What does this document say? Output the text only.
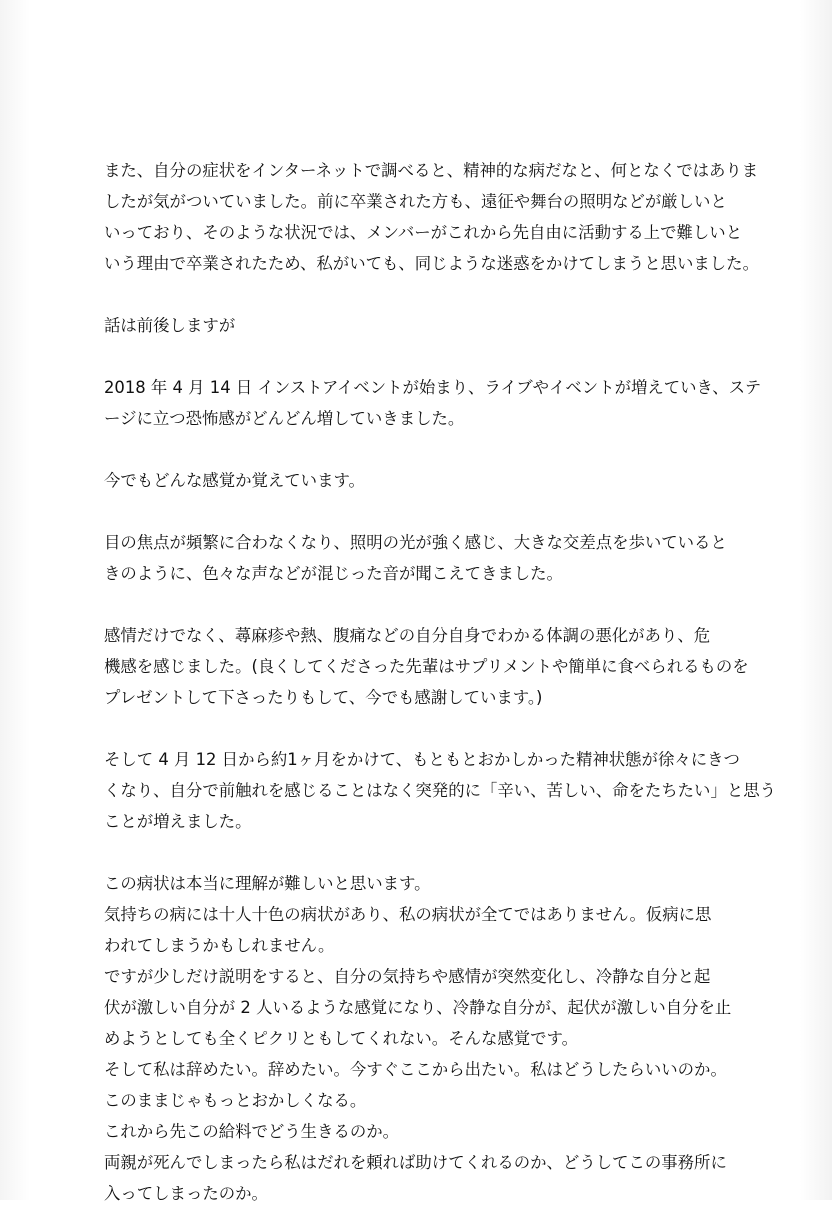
また、自分の症状をインターネットで調べると、精神的な病だなと、何となくではありま
したが気がついていました。前に卒業された方も、遠征や舞台の照明などが厳しいと
いっており、そのような状況では、メンバーがこれから先自由に活動する上で難しいと
いう理由で卒業されたため、私がいても、同じような迷惑をかけてしまうと思いました。

話は前後しますが

2018 年 4 月 14 日 インストアイベントが始まり、ライブやイベントが増えていき、ステ
ージに立つ恐怖感がどんどん増していきました。

今でもどんな感覚か覚えています。

目の焦点が頻繁に合わなくなり、照明の光が強く感じ、大きな交差点を歩いていると
きのように、色々な声などが混じった音が聞こえてきました。

感情だけでなく、蕁麻疹や熱、腹痛などの自分自身でわかる体調の悪化があり、危
機感を感じました。(良くしてくださった先輩はサプリメントや簡単に食べられるものを
プレゼントして下さったりもして、今でも感謝しています。)

そして 4 月 12 日から約1ヶ月をかけて、もともとおかしかった精神状態が徐々にきつ
くなり、自分で前触れを感じることはなく突発的に「辛い、苦しい、命をたちたい」と思う
ことが増えました。

この病状は本当に理解が難しいと思います。
気持ちの病には十人十色の病状があり、私の病状が全てではありません。仮病に思
われてしまうかもしれません。
ですが少しだけ説明をすると、自分の気持ちや感情が突然変化し、冷静な自分と起
伏が激しい自分が 2 人いるような感覚になり、冷静な自分が、起伏が激しい自分を止
めようとしても全くピクリともしてくれない。そんな感覚です。
そして私は辞めたい。辞めたい。今すぐここから出たい。私はどうしたらいいのか。
このままじゃもっとおかしくなる。
これから先この給料でどう生きるのか。
両親が死んでしまったら私はだれを頼れば助けてくれるのか、どうしてこの事務所に
入ってしまったのか。
